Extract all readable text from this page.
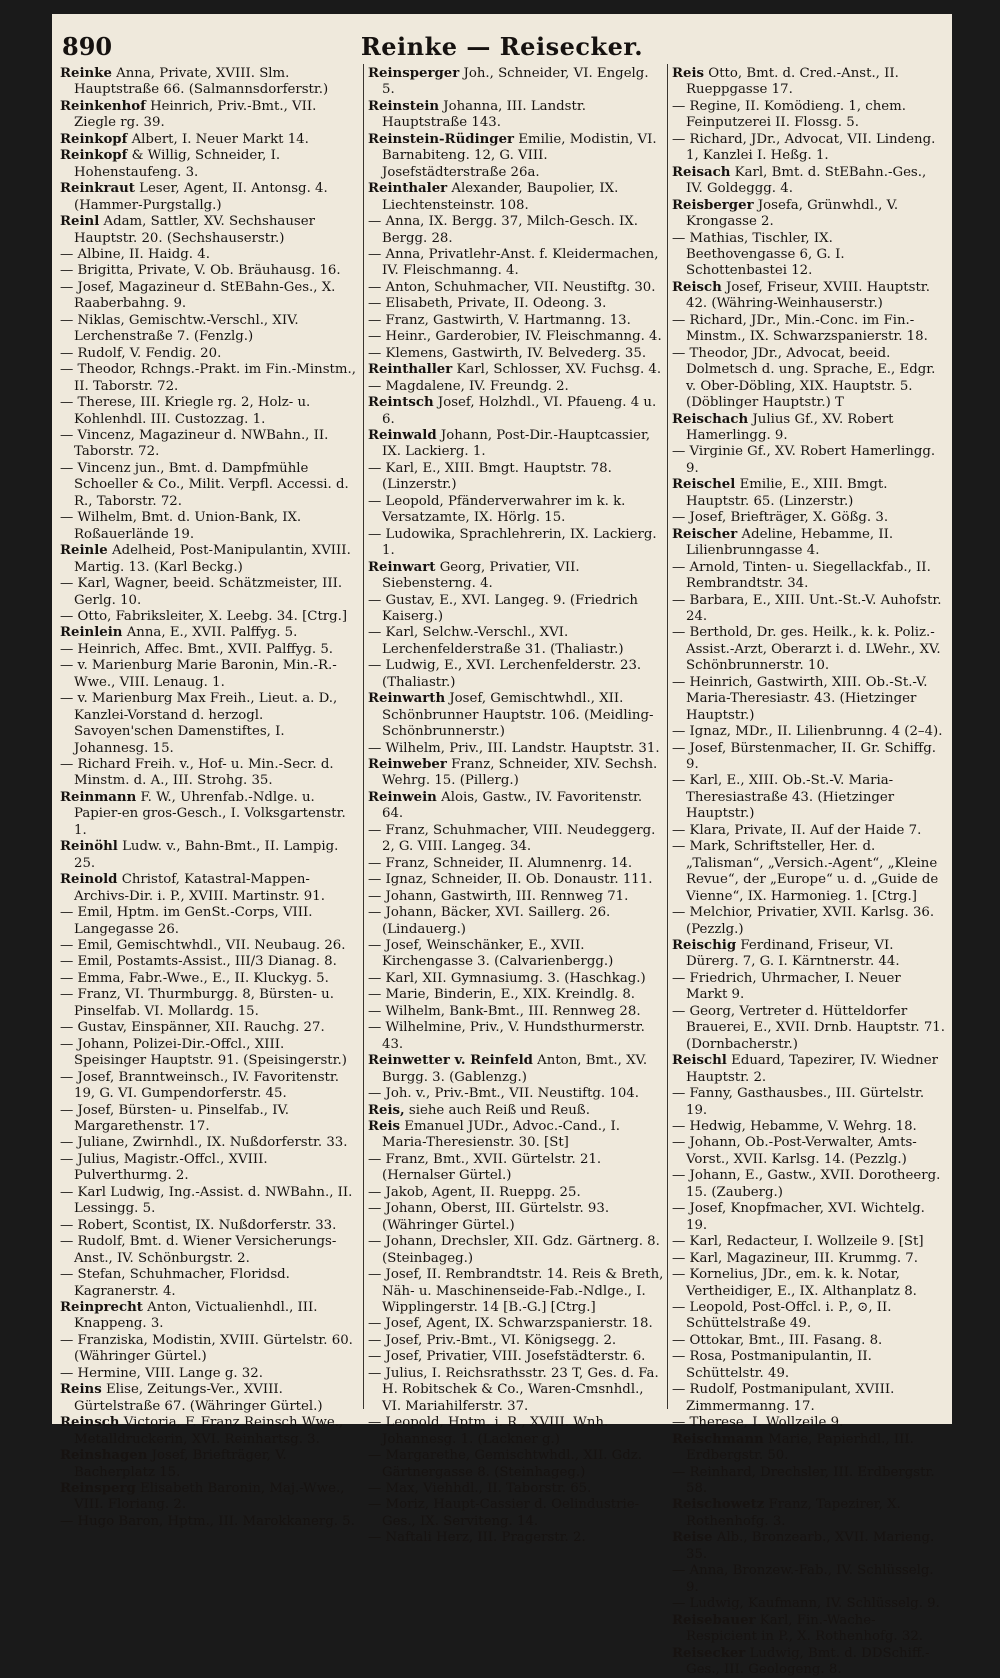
890	Reinke — Reisecker.

Reinke Anna, Private, XVIII. Slm. Hauptstraße 66. (Salmannsdorferstr.)

Reinkenhof Heinrich, Priv.-Bmt., VII. Ziegle rg. 39.

Reinkopf Albert, I. Neuer Markt 14.

Reinkopf & Willig, Schneider, I. Hohenstaufeng. 3.

Reinkraut Leser, Agent, II. Antonsg. 4. (Hammer-Purgstallg.)

Reinl Adam, Sattler, XV. Sechshauser Hauptstr. 20. (Sechshauserstr.)

— Albine, II. Haidg. 4.

— Brigitta, Private, V. Ob. Bräuhausg. 16.

— Josef, Magazineur d. StEBahn-Ges., X. Raaberbahng. 9.

— Niklas, Gemischtw.-Verschl., XIV. Lerchenstraße 7. (Fenzlg.)

— Rudolf, V. Fendig. 20.

— Theodor, Rchngs.-Prakt. im Fin.-Minstm., II. Taborstr. 72.

— Therese, III. Kriegle rg. 2, Holz- u. Kohlenhdl. III. Custozzag. 1.

— Vincenz, Magazineur d. NWBahn., II. Taborstr. 72.

— Vincenz jun., Bmt. d. Dampfmühle Schoeller & Co., Milit. Verpfl. Accessi. d. R., Taborstr. 72.

— Wilhelm, Bmt. d. Union-Bank, IX. Roßauerlände 19.

Reinle Adelheid, Post-Manipulantin, XVIII. Martig. 13. (Karl Beckg.)

— Karl, Wagner, beeid. Schätzmeister, III. Gerlg. 10.

— Otto, Fabriksleiter, X. Leebg. 34. [Ctrg.]

Reinlein Anna, E., XVII. Palffyg. 5.

— Heinrich, Affec. Bmt., XVII. Palffyg. 5.

— v. Marienburg Marie Baronin, Min.-R.-Wwe., VIII. Lenaug. 1.

— v. Marienburg Max Freih., Lieut. a. D., Kanzlei-Vorstand d. herzogl. Savoyen'schen Damenstiftes, I. Johannesg. 15.

— Richard Freih. v., Hof- u. Min.-Secr. d. Minstm. d. A., III. Strohg. 35.

Reinmann F. W., Uhrenfab.-Ndlge. u. Papier-en gros-Gesch., I. Volksgartenstr. 1.

Reinöhl Ludw. v., Bahn-Bmt., II. Lampig. 25.

Reinold Christof, Katastral-Mappen-Archivs-Dir. i. P., XVIII. Martinstr. 91.

— Emil, Hptm. im GenSt.-Corps, VIII. Langegasse 26.

— Emil, Gemischtwhdl., VII. Neubaug. 26.

— Emil, Postamts-Assist., III/3 Dianag. 8.

— Emma, Fabr.-Wwe., E., II. Kluckyg. 5.

— Franz, VI. Thurmburgg. 8, Bürsten- u. Pinselfab. VI. Mollardg. 15.

— Gustav, Einspänner, XII. Rauchg. 27.

— Johann, Polizei-Dir.-Offcl., XIII. Speisinger Hauptstr. 91. (Speisingerstr.)

— Josef, Branntweinsch., IV. Favoritenstr. 19, G. VI. Gumpendorferstr. 45.

— Josef, Bürsten- u. Pinselfab., IV. Margarethenstr. 17.

— Juliane, Zwirnhdl., IX. Nußdorferstr. 33.

— Julius, Magistr.-Offcl., XVIII. Pulverthurmg. 2.

— Karl Ludwig, Ing.-Assist. d. NWBahn., II. Lessingg. 5.

— Robert, Scontist, IX. Nußdorferstr. 33.

— Rudolf, Bmt. d. Wiener Versicherungs-Anst., IV. Schönburgstr. 2.

— Stefan, Schuhmacher, Floridsd. Kagranerstr. 4.

Reinprecht Anton, Victualienhdl., III. Knappeng. 3.

— Franziska, Modistin, XVIII. Gürtelstr. 60. (Währinger Gürtel.)

— Hermine, VIII. Lange g. 32.

Reins Elise, Zeitungs-Ver., XVIII. Gürtelstraße 67. (Währinger Gürtel.)

Reinsch Victoria, F. Franz Reinsch Wwe., Metalldruckerin, XVI. Reinhartsg. 3.

Reinshagen Josef, Briefträger, V. Bacherplatz 15.

Reinsperg Elisabeth Baronin, Maj.-Wwe., VIII. Floriang. 2.

— Hugo Baron, Hptm., III. Marokkanerg. 5.

Reinsperger Joh., Schneider, VI. Engelg. 5.

Reinstein Johanna, III. Landstr. Hauptstraße 143.

Reinstein-Rüdinger Emilie, Modistin, VI. Barnabiteng. 12, G. VIII. Josefstädterstraße 26a.

Reinthaler Alexander, Baupolier, IX. Liechtensteinstr. 108.

— Anna, IX. Bergg. 37, Milch-Gesch. IX. Bergg. 28.

— Anna, Privatlehr-Anst. f. Kleidermachen, IV. Fleischmanng. 4.

— Anton, Schuhmacher, VII. Neustiftg. 30.

— Elisabeth, Private, II. Odeong. 3.

— Franz, Gastwirth, V. Hartmanng. 13.

— Heinr., Garderobier, IV. Fleischmanng. 4.

— Klemens, Gastwirth, IV. Belvederg. 35.

Reinthaller Karl, Schlosser, XV. Fuchsg. 4.

— Magdalene, IV. Freundg. 2.

Reintsch Josef, Holzhdl., VI. Pfaueng. 4 u. 6.

Reinwald Johann, Post-Dir.-Hauptcassier, IX. Lackierg. 1.

— Karl, E., XIII. Bmgt. Hauptstr. 78. (Linzerstr.)

— Leopold, Pfänderverwahrer im k. k. Versatzamte, IX. Hörlg. 15.

— Ludowika, Sprachlehrerin, IX. Lackierg. 1.

Reinwart Georg, Privatier, VII. Siebensterng. 4.

— Gustav, E., XVI. Langeg. 9. (Friedrich Kaiserg.)

— Karl, Selchw.-Verschl., XVI. Lerchenfelderstraße 31. (Thaliastr.)

— Ludwig, E., XVI. Lerchenfelderstr. 23. (Thaliastr.)

Reinwarth Josef, Gemischtwhdl., XII. Schönbrunner Hauptstr. 106. (Meidling-Schönbrunnerstr.)

— Wilhelm, Priv., III. Landstr. Hauptstr. 31.

Reinweber Franz, Schneider, XIV. Sechsh. Wehrg. 15. (Pillerg.)

Reinwein Alois, Gastw., IV. Favoritenstr. 64.

— Franz, Schuhmacher, VIII. Neudeggerg. 2, G. VIII. Langeg. 34.

— Franz, Schneider, II. Alumnenrg. 14.

— Ignaz, Schneider, II. Ob. Donaustr. 111.

— Johann, Gastwirth, III. Rennweg 71.

— Johann, Bäcker, XVI. Saillerg. 26. (Lindauerg.)

— Josef, Weinschänker, E., XVII. Kirchengasse 3. (Calvarienbergg.)

— Karl, XII. Gymnasiumg. 3. (Haschkag.)

— Marie, Binderin, E., XIX. Kreindlg. 8.

— Wilhelm, Bank-Bmt., III. Rennweg 28.

— Wilhelmine, Priv., V. Hundsthurmerstr. 43.

Reinwetter v. Reinfeld Anton, Bmt., XV. Burgg. 3. (Gablenzg.)

— Joh. v., Priv.-Bmt., VII. Neustiftg. 104.

Reis, siehe auch Reiß und Reuß.

Reis Emanuel JUDr., Advoc.-Cand., I. Maria-Theresienstr. 30. [St]

— Franz, Bmt., XVII. Gürtelstr. 21. (Hernalser Gürtel.)

— Jakob, Agent, II. Rueppg. 25.

— Johann, Oberst, III. Gürtelstr. 93. (Währinger Gürtel.)

— Johann, Drechsler, XII. Gdz. Gärtnerg. 8. (Steinbageg.)

— Josef, II. Rembrandtstr. 14. Reis & Breth, Näh- u. Maschinenseide-Fab.-Ndlge., I. Wipplingerstr. 14 [B.-G.] [Ctrg.]

— Josef, Agent, IX. Schwarzspanierstr. 18.

— Josef, Priv.-Bmt., VI. Königsegg. 2.

— Josef, Privatier, VIII. Josefstädterstr. 6.

— Julius, I. Reichsrathsstr. 23 T, Ges. d. Fa. H. Robitschek & Co., Waren-Cmsnhdl., VI. Mariahilferstr. 37.

— Leopold, Hptm. i. R., XVIII. Wnh. Johannesg. 1. (Lackner g.)

— Margarethe, Gemischtwhdl., XII. Gdz. Gärtnergasse 8. (Steinhageg.)

— Max, Viehhdl., II. Taborstr. 65.

— Moriz, Haupt-Cassier d. Oelindustrie-Ges., IX. Serviteng. 14.

— Naftali Herz, III. Pragerstr. 2.

Reis Otto, Bmt. d. Cred.-Anst., II. Rueppgasse 17.

— Regine, II. Komödieng. 1, chem. Feinputzerei II. Flossg. 5.

— Richard, JDr., Advocat, VII. Lindeng. 1, Kanzlei I. Heßg. 1.

Reisach Karl, Bmt. d. StEBahn.-Ges., IV. Goldeggg. 4.

Reisberger Josefa, Grünwhdl., V. Krongasse 2.

— Mathias, Tischler, IX. Beethovengasse 6, G. I. Schottenbastei 12.

Reisch Josef, Friseur, XVIII. Hauptstr. 42. (Währing-Weinhauserstr.)

— Richard, JDr., Min.-Conc. im Fin.-Minstm., IX. Schwarzspanierstr. 18.

— Theodor, JDr., Advocat, beeid. Dolmetsch d. ung. Sprache, E., Edgr. v. Ober-Döbling, XIX. Hauptstr. 5. (Döblinger Hauptstr.) T

Reischach Julius Gf., XV. Robert Hamerlingg. 9.

— Virginie Gf., XV. Robert Hamerlingg. 9.

Reischel Emilie, E., XIII. Bmgt. Hauptstr. 65. (Linzerstr.)

— Josef, Briefträger, X. Gößg. 3.

Reischer Adeline, Hebamme, II. Lilienbrunngasse 4.

— Arnold, Tinten- u. Siegellackfab., II. Rembrandtstr. 34.

— Barbara, E., XIII. Unt.-St.-V. Auhofstr. 24.

— Berthold, Dr. ges. Heilk., k. k. Poliz.-Assist.-Arzt, Oberarzt i. d. LWehr., XV. Schönbrunnerstr. 10.

— Heinrich, Gastwirth, XIII. Ob.-St.-V. Maria-Theresiastr. 43. (Hietzinger Hauptstr.)

— Ignaz, MDr., II. Lilienbrunng. 4 (2–4).

— Josef, Bürstenmacher, II. Gr. Schiffg. 9.

— Karl, E., XIII. Ob.-St.-V. Maria-Theresiastraße 43. (Hietzinger Hauptstr.)

— Klara, Private, II. Auf der Haide 7.

— Mark, Schriftsteller, Her. d. „Talisman“, „Versich.-Agent“, „Kleine Revue“, der „Europe“ u. d. „Guide de Vienne“, IX. Harmonieg. 1. [Ctrg.]

— Melchior, Privatier, XVII. Karlsg. 36. (Pezzlg.)

Reischig Ferdinand, Friseur, VI. Dürerg. 7, G. I. Kärntnerstr. 44.

— Friedrich, Uhrmacher, I. Neuer Markt 9.

— Georg, Vertreter d. Hütteldorfer Brauerei, E., XVII. Drnb. Hauptstr. 71. (Dornbacherstr.)

Reischl Eduard, Tapezirer, IV. Wiedner Hauptstr. 2.

— Fanny, Gasthausbes., III. Gürtelstr. 19.

— Hedwig, Hebamme, V. Wehrg. 18.

— Johann, Ob.-Post-Verwalter, Amts-Vorst., XVII. Karlsg. 14. (Pezzlg.)

— Johann, E., Gastw., XVII. Dorotheerg. 15. (Zauberg.)

— Josef, Knopfmacher, XVI. Wichtelg. 19.

— Karl, Redacteur, I. Wollzeile 9. [St]

— Karl, Magazineur, III. Krummg. 7.

— Kornelius, JDr., em. k. k. Notar, Vertheidiger, E., IX. Althanplatz 8.

— Leopold, Post-Offcl. i. P., ⊙, II. Schüttelstraße 49.

— Ottokar, Bmt., III. Fasang. 8.

— Rosa, Postmanipulantin, II. Schüttelstr. 49.

— Rudolf, Postmanipulant, XVIII. Zimmermanng. 17.

— Therese, I. Wollzeile 9.

Reischmann Marie, Papierhdl., III. Erdbergstr. 50.

— Reinhard, Drechsler, III. Erdbergstr. 58.

Reischowetz Franz, Tapezirer, X. Rothenhofg. 3.

Reise Alb., Bronzearb., XVII. Marieng. 35.

— Anna, Bronzew.-Fab., IV. Schlüsselg. 9.

— Ludwig, Kaufmann, IV. Schlüsselg. 9.

Reisebauer Karl, Fin.-Wache-Respicient in P., X. Rothenhofg. 32.

Reisecker Ludwig, Bmt. d. DDSchiff.-Ges., III. Geologeng. 8.
